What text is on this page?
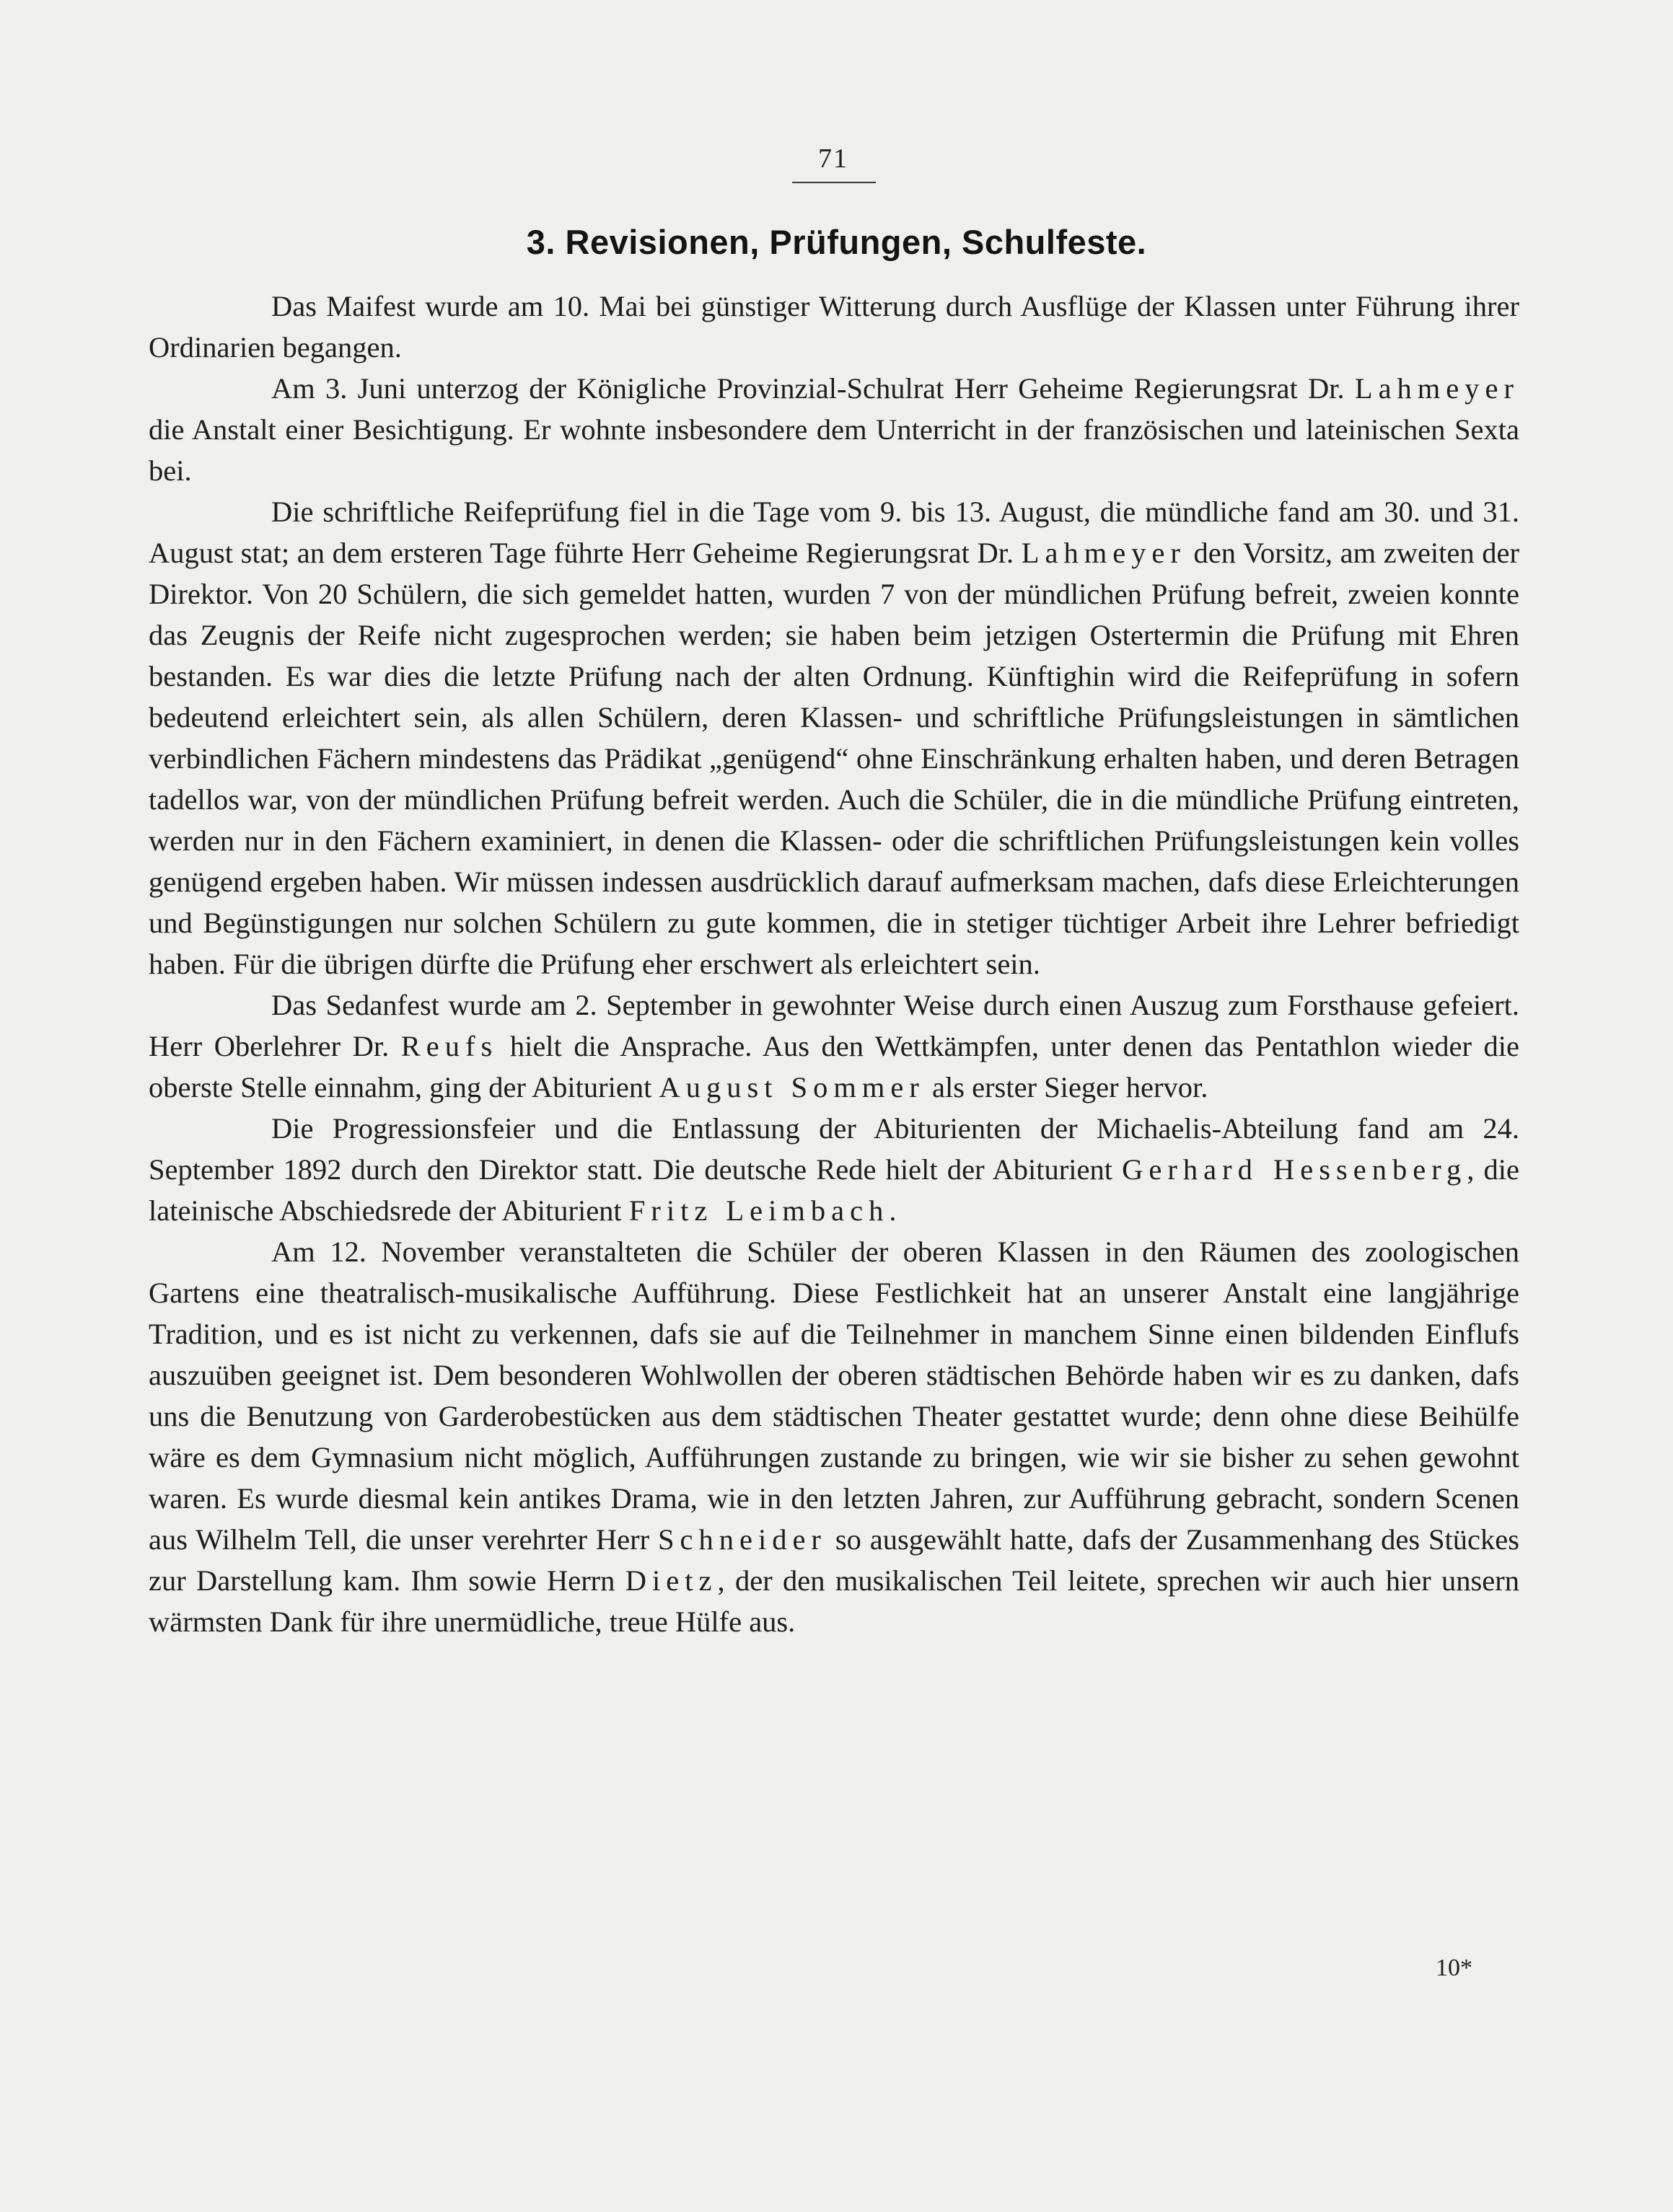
71
3. Revisionen, Prüfungen, Schulfeste.

Das Maifest wurde am 10. Mai bei günstiger Witterung durch Ausflüge der Klassen unter Führung ihrer Ordinarien begangen.

Am 3. Juni unterzog der Königliche Provinzial-Schulrat Herr Geheime Regierungsrat Dr. Lahmeyer die Anstalt einer Besichtigung. Er wohnte insbesondere dem Unterricht in der französischen und lateinischen Sexta bei.

Die schriftliche Reifeprüfung fiel in die Tage vom 9. bis 13. August, die mündliche fand am 30. und 31. August stat; an dem ersteren Tage führte Herr Geheime Regierungsrat Dr. Lahmeyer den Vorsitz, am zweiten der Direktor. Von 20 Schülern, die sich gemeldet hatten, wurden 7 von der mündlichen Prüfung befreit, zweien konnte das Zeugnis der Reife nicht zugesprochen werden; sie haben beim jetzigen Ostertermin die Prüfung mit Ehren bestanden. Es war dies die letzte Prüfung nach der alten Ordnung. Künftighin wird die Reifeprüfung in sofern bedeutend erleichtert sein, als allen Schülern, deren Klassen- und schriftliche Prüfungsleistungen in sämtlichen verbindlichen Fächern mindestens das Prädikat „genügend“ ohne Einschränkung erhalten haben, und deren Betragen tadellos war, von der mündlichen Prüfung befreit werden. Auch die Schüler, die in die mündliche Prüfung eintreten, werden nur in den Fächern examiniert, in denen die Klassen- oder die schriftlichen Prüfungsleistungen kein volles genügend ergeben haben. Wir müssen indessen ausdrücklich darauf aufmerksam machen, dafs diese Erleichterungen und Begünstigungen nur solchen Schülern zu gute kommen, die in stetiger tüchtiger Arbeit ihre Lehrer befriedigt haben. Für die übrigen dürfte die Prüfung eher erschwert als erleichtert sein.

Das Sedanfest wurde am 2. September in gewohnter Weise durch einen Auszug zum Forsthause gefeiert. Herr Oberlehrer Dr. Reufs hielt die Ansprache. Aus den Wettkämpfen, unter denen das Pentathlon wieder die oberste Stelle einnahm, ging der Abiturient August Sommer als erster Sieger hervor.

Die Progressionsfeier und die Entlassung der Abiturienten der Michaelis-Abteilung fand am 24. September 1892 durch den Direktor statt. Die deutsche Rede hielt der Abiturient Gerhard Hessenberg, die lateinische Abschiedsrede der Abiturient Fritz Leimbach.

Am 12. November veranstalteten die Schüler der oberen Klassen in den Räumen des zoologischen Gartens eine theatralisch-musikalische Aufführung. Diese Festlichkeit hat an unserer Anstalt eine langjährige Tradition, und es ist nicht zu verkennen, dafs sie auf die Teilnehmer in manchem Sinne einen bildenden Einflufs auszuüben geeignet ist. Dem besonderen Wohlwollen der oberen städtischen Behörde haben wir es zu danken, dafs uns die Benutzung von Garderobestücken aus dem städtischen Theater gestattet wurde; denn ohne diese Beihülfe wäre es dem Gymnasium nicht möglich, Aufführungen zustande zu bringen, wie wir sie bisher zu sehen gewohnt waren. Es wurde diesmal kein antikes Drama, wie in den letzten Jahren, zur Aufführung gebracht, sondern Scenen aus Wilhelm Tell, die unser verehrter Herr Schneider so ausgewählt hatte, dafs der Zusammenhang des Stückes zur Darstellung kam. Ihm sowie Herrn Dietz, der den musikalischen Teil leitete, sprechen wir auch hier unsern wärmsten Dank für ihre unermüdliche, treue Hülfe aus.

10*
